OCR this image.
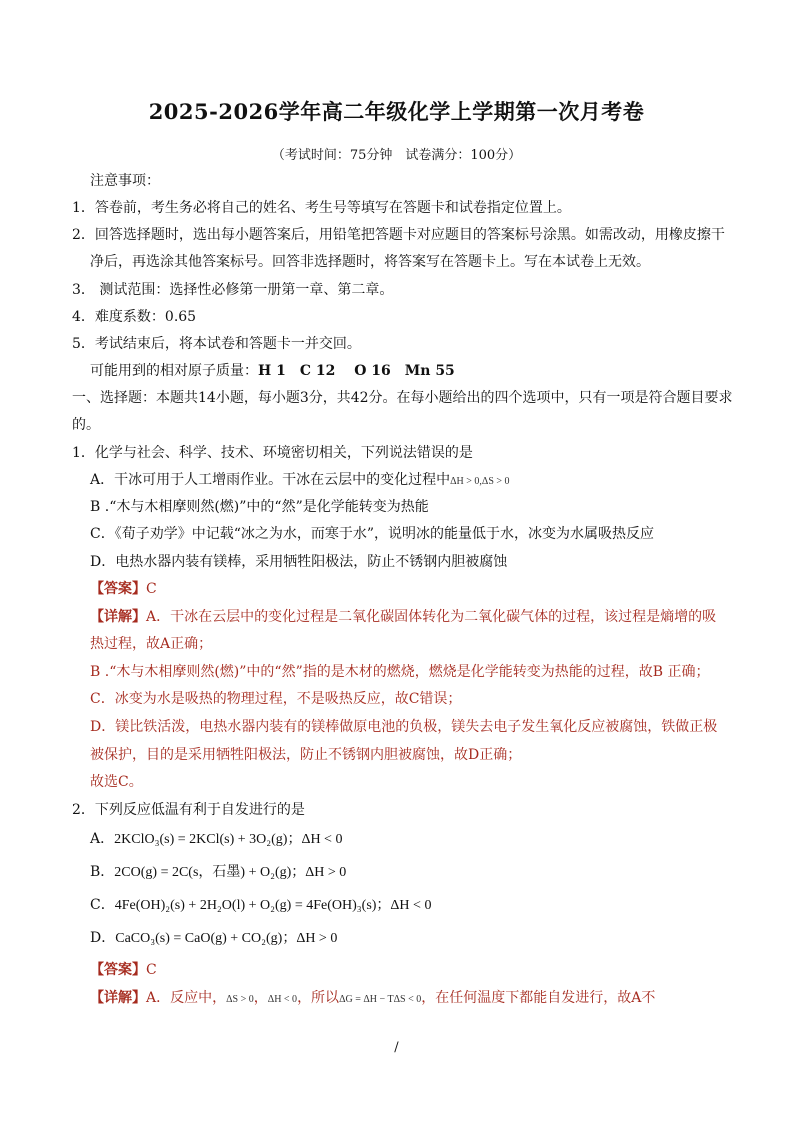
2025-2026学年高二年级化学上学期第一次月考卷
（考试时间：75分钟　试卷满分：100分）
注意事项：
1．答卷前，考生务必将自己的姓名、考生号等填写在答题卡和试卷指定位置上。
2．回答选择题时，选出每小题答案后，用铅笔把答题卡对应题目的答案标号涂黑。如需改动，用橡皮擦干
净后，再选涂其他答案标号。回答非选择题时，将答案写在答题卡上。写在本试卷上无效。
3． 测试范围：选择性必修第一册第一章、第二章。
4．难度系数：0.65
5．考试结束后，将本试卷和答题卡一并交回。
可能用到的相对原子质量：H 1　C 12　 O 16　Mn 55
一、选择题：本题共14小题，每小题3分，共42分。在每小题给出的四个选项中，只有一项是符合题目要求
的。
1．化学与社会、科学、技术、环境密切相关，下列说法错误的是
A．干冰可用于人工增雨作业。干冰在云层中的变化过程中ΔH > 0,ΔS > 0
B .“木与木相摩则然(燃)”中的“然”是化学能转变为热能
C．《荀子劝学》中记载“冰之为水，而寒于水”，说明冰的能量低于水，冰变为水属吸热反应
D．电热水器内装有镁棒，采用牺牲阳极法，防止不锈钢内胆被腐蚀
【答案】C
【详解】A．干冰在云层中的变化过程是二氧化碳固体转化为二氧化碳气体的过程，该过程是熵增的吸
热过程，故A正确；
B .“木与木相摩则然(燃)”中的“然”指的是木材的燃烧，燃烧是化学能转变为热能的过程，故B 正确；
C．冰变为水是吸热的物理过程，不是吸热反应，故C错误；
D．镁比铁活泼，电热水器内装有的镁棒做原电池的负极，镁失去电子发生氧化反应被腐蚀，铁做正极
被保护，目的是采用牺牲阳极法，防止不锈钢内胆被腐蚀，故D正确；
故选C。
2．下列反应低温有利于自发进行的是
A．2KClO₃(s) = 2KCl(s) + 3O₂(g)；ΔH < 0
B．2CO(g) = 2C(s，石墨) + O₂(g)；ΔH > 0
C．4Fe(OH)₂(s) + 2H₂O(l) + O₂(g) = 4Fe(OH)₃(s)；ΔH < 0
D．CaCO₃(s) = CaO(g) + CO₂(g)；ΔH > 0
【答案】C
【详解】A．反应中，ΔS > 0，ΔH < 0，所以ΔG = ΔH − TΔS < 0，在任何温度下都能自发进行，故A不
/
